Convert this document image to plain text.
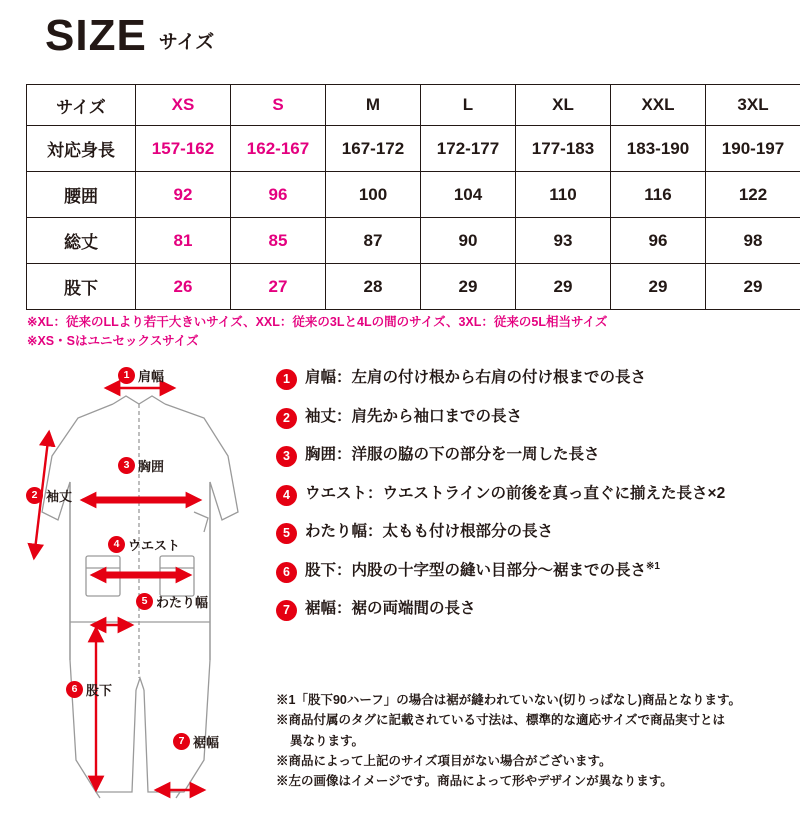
SIZE サイズ
サイズ	XS	S	M	L	XL	XXL	3XL
対応身長	157-162	162-167	167-172	172-177	177-183	183-190	190-197
腰囲	92	96	100	104	110	116	122
総丈	81	85	87	90	93	96	98
股下	26	27	28	29	29	29	29
※XL：従来のLLより若干大きいサイズ、XXL：従来の3Lと4Lの間のサイズ、3XL：従来の5L相当サイズ
※XS・Sはユニセックスサイズ
1 肩幅
2 袖丈
3 胸囲
4 ウエスト
5 わたり幅
6 股下
7 裾幅
1 肩幅：左肩の付け根から右肩の付け根までの長さ
2 袖丈：肩先から袖口までの長さ
3 胸囲：洋服の脇の下の部分を一周した長さ
4 ウエスト：ウエストラインの前後を真っ直ぐに揃えた長さ×2
5 わたり幅：太もも付け根部分の長さ
6 股下：内股の十字型の縫い目部分〜裾までの長さ$^{※1}$
7 裾幅：裾の両端間の長さ
※1「股下90ハーフ」の場合は裾が縫われていない(切りっぱなし)商品となります。
※商品付属のタグに記載されている寸法は、標準的な適応サイズで商品実寸とは
異なります。
※商品によって上記のサイズ項目がない場合がございます。
※左の画像はイメージです。商品によって形やデザインが異なります。
